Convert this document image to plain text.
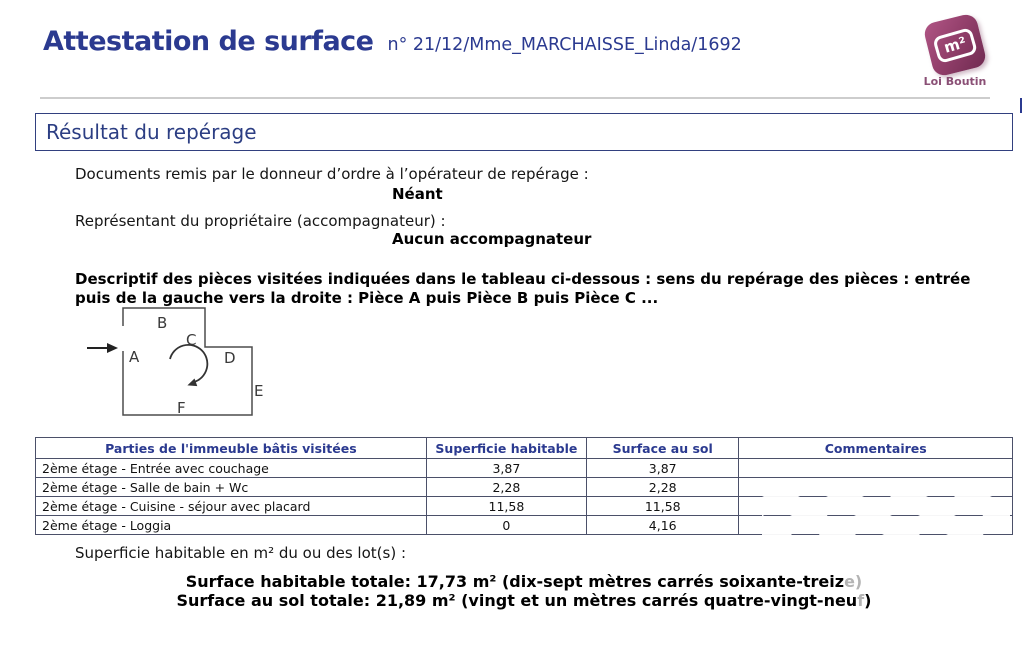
Attestation de surface n° 21/12/Mme_MARCHAISSE_Linda/1692	m²
Loi Boutin
Résultat du repérage
Documents remis par le donneur d’ordre à l’opérateur de repérage :
Néant
Représentant du propriétaire (accompagnateur) :
Aucun accompagnateur
Descriptif des pièces visitées indiquées dans le tableau ci-dessous : sens du repérage des pièces : entrée puis de la gauche vers la droite : Pièce A puis Pièce B puis Pièce C ...
A
B
C
D
E
F
Parties de l'immeuble bâtis visitées	Superficie habitable	Surface au sol	Commentaires
2ème étage - Entrée avec couchage	3,87	3,87	
2ème étage - Salle de bain + Wc	2,28	2,28	
2ème étage - Cuisine - séjour avec placard	11,58	11,58	
2ème étage - Loggia	0	4,16	
Superficie habitable en m² du ou des lot(s) :
Surface habitable totale: 17,73 m² (dix-sept mètres carrés soixante-treize)
Surface au sol totale: 21,89 m² (vingt et un mètres carrés quatre-vingt-neuf)
